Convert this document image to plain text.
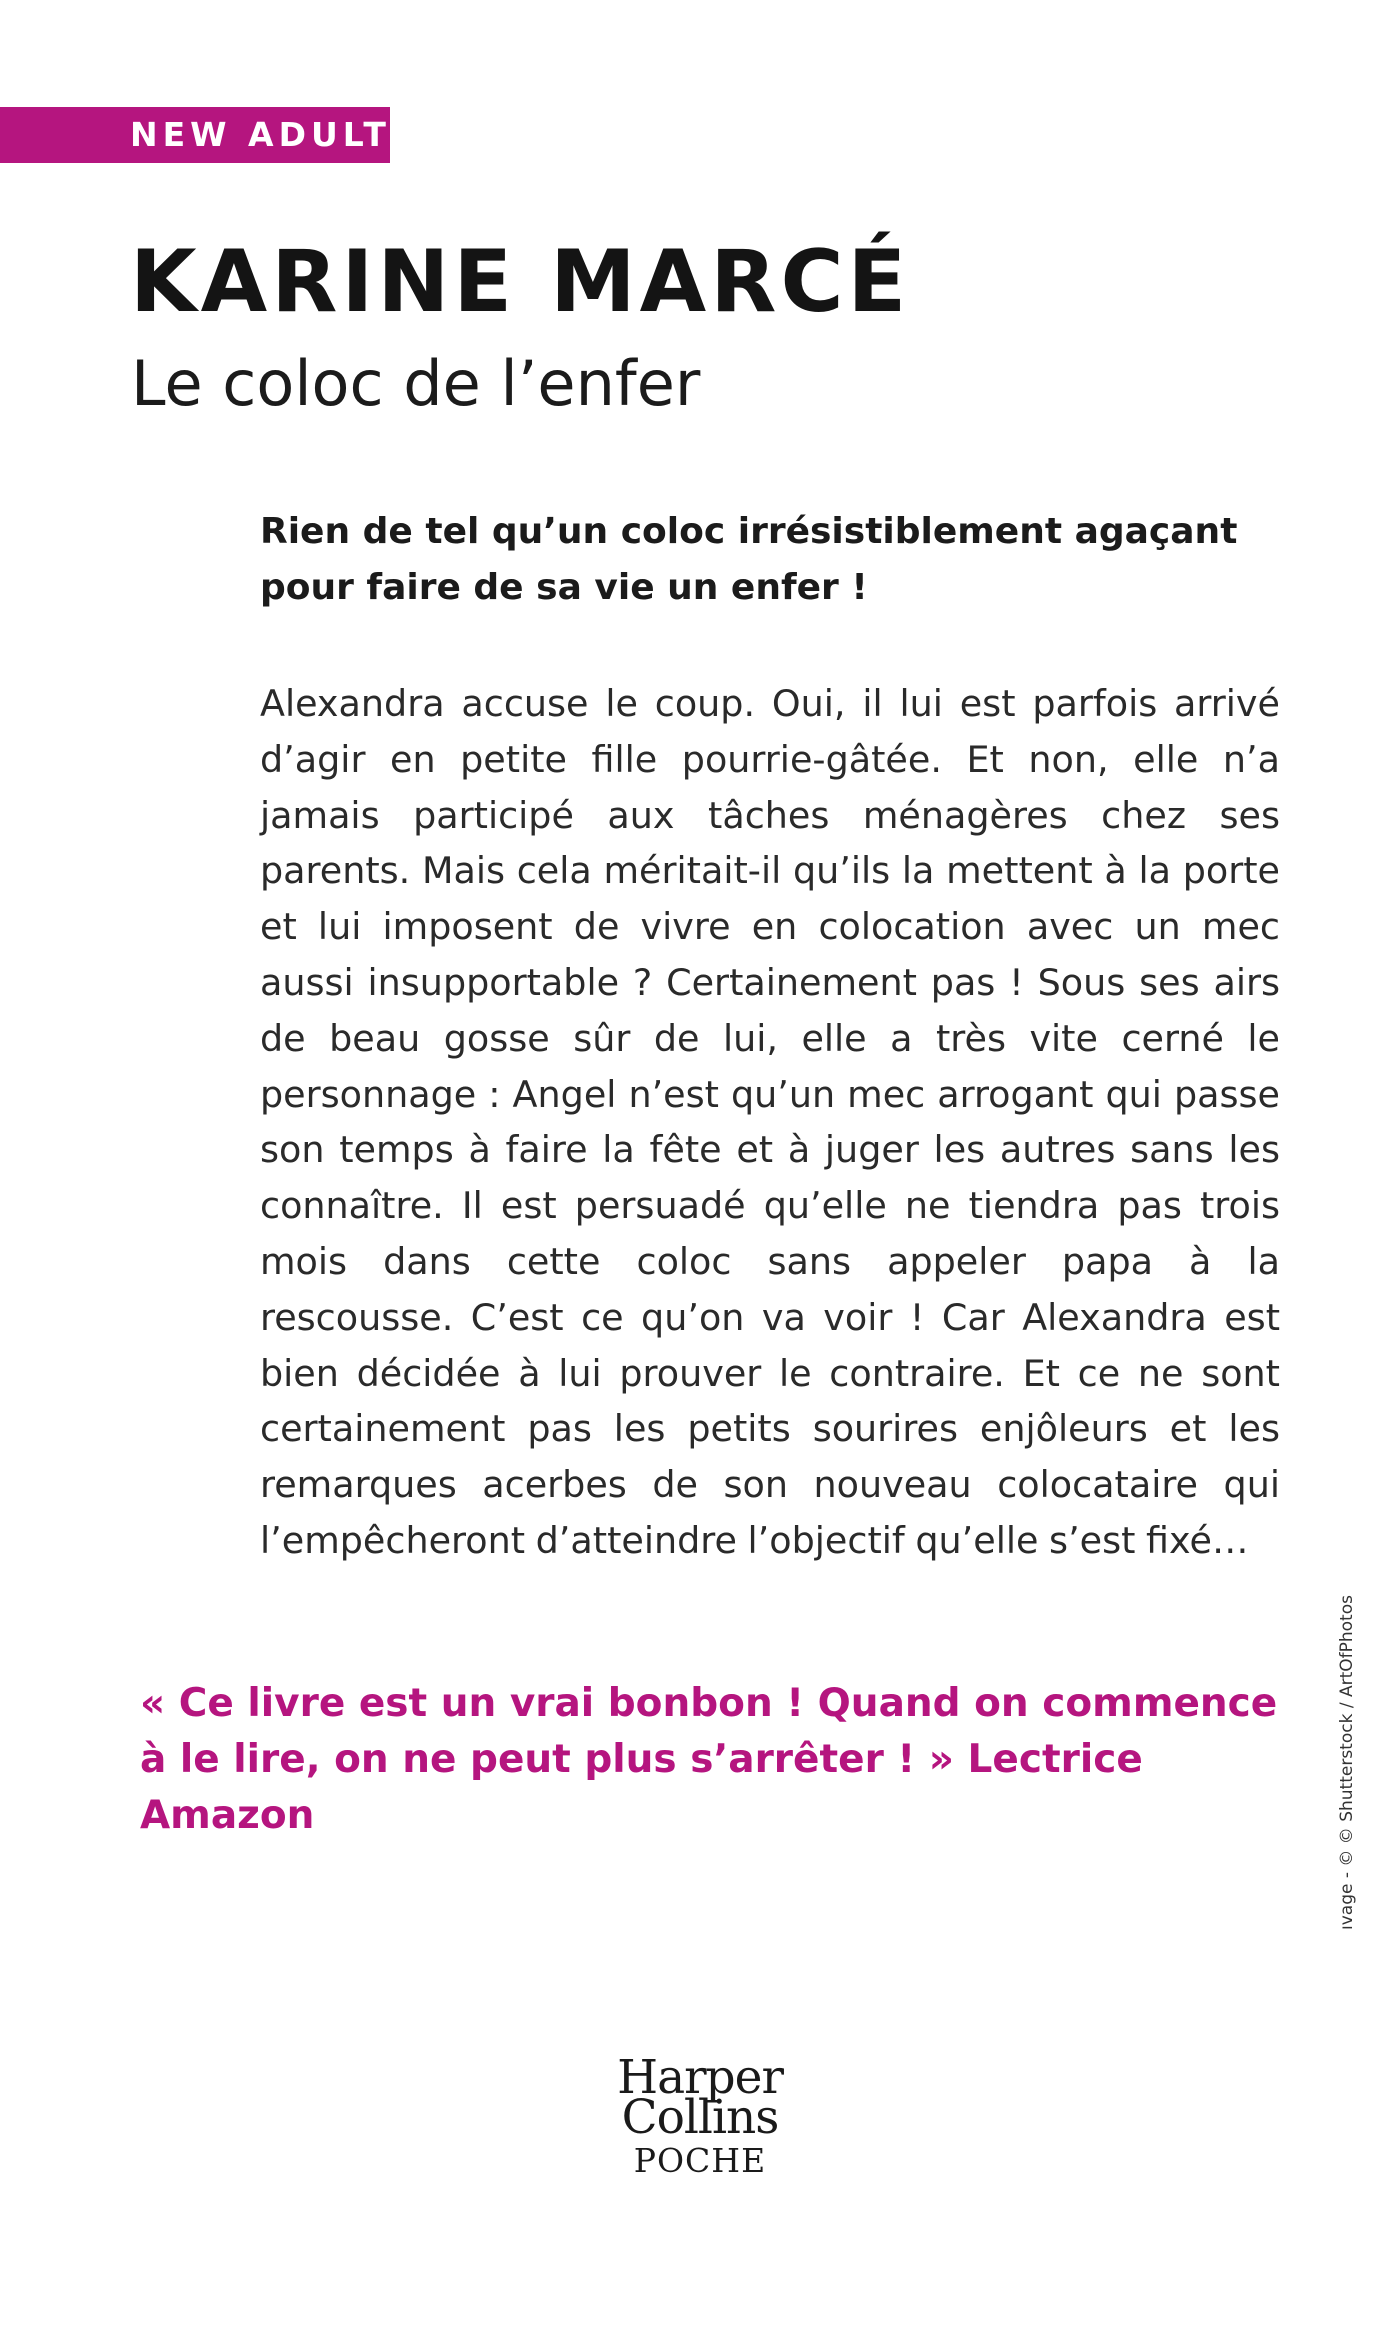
NEW ADULT
KARINE MARCÉ
Le coloc de l’enfer

Rien de tel qu’un coloc irrésistiblement agaçant pour faire de sa vie un enfer !

Alexandra accuse le coup. Oui, il lui est parfois arrivé d’agir en petite fille pourrie-gâtée. Et non, elle n’a jamais participé aux tâches ménagères chez ses parents. Mais cela méritait-il qu’ils la mettent à la porte et lui imposent de vivre en colocation avec un mec aussi insupportable ? Certainement pas ! Sous ses airs de beau gosse sûr de lui, elle a très vite cerné le personnage : Angel n’est qu’un mec arrogant qui passe son temps à faire la fête et à juger les autres sans les connaître. Il est persuadé qu’elle ne tiendra pas trois mois dans cette coloc sans appeler papa à la rescousse. C’est ce qu’on va voir ! Car Alexandra est bien décidée à lui prouver le contraire. Et ce ne sont certainement pas les petits sourires enjôleurs et les remarques acerbes de son nouveau colocataire qui l’empêcheront d’atteindre l’objectif qu’elle s’est fixé…

« Ce livre est un vrai bonbon ! Quand on commence à le lire, on ne peut plus s’arrêter ! » Lectrice Amazon	ıvage - © © Shutterstock / ArtOfPhotos
Harper
Collins
POCHE
